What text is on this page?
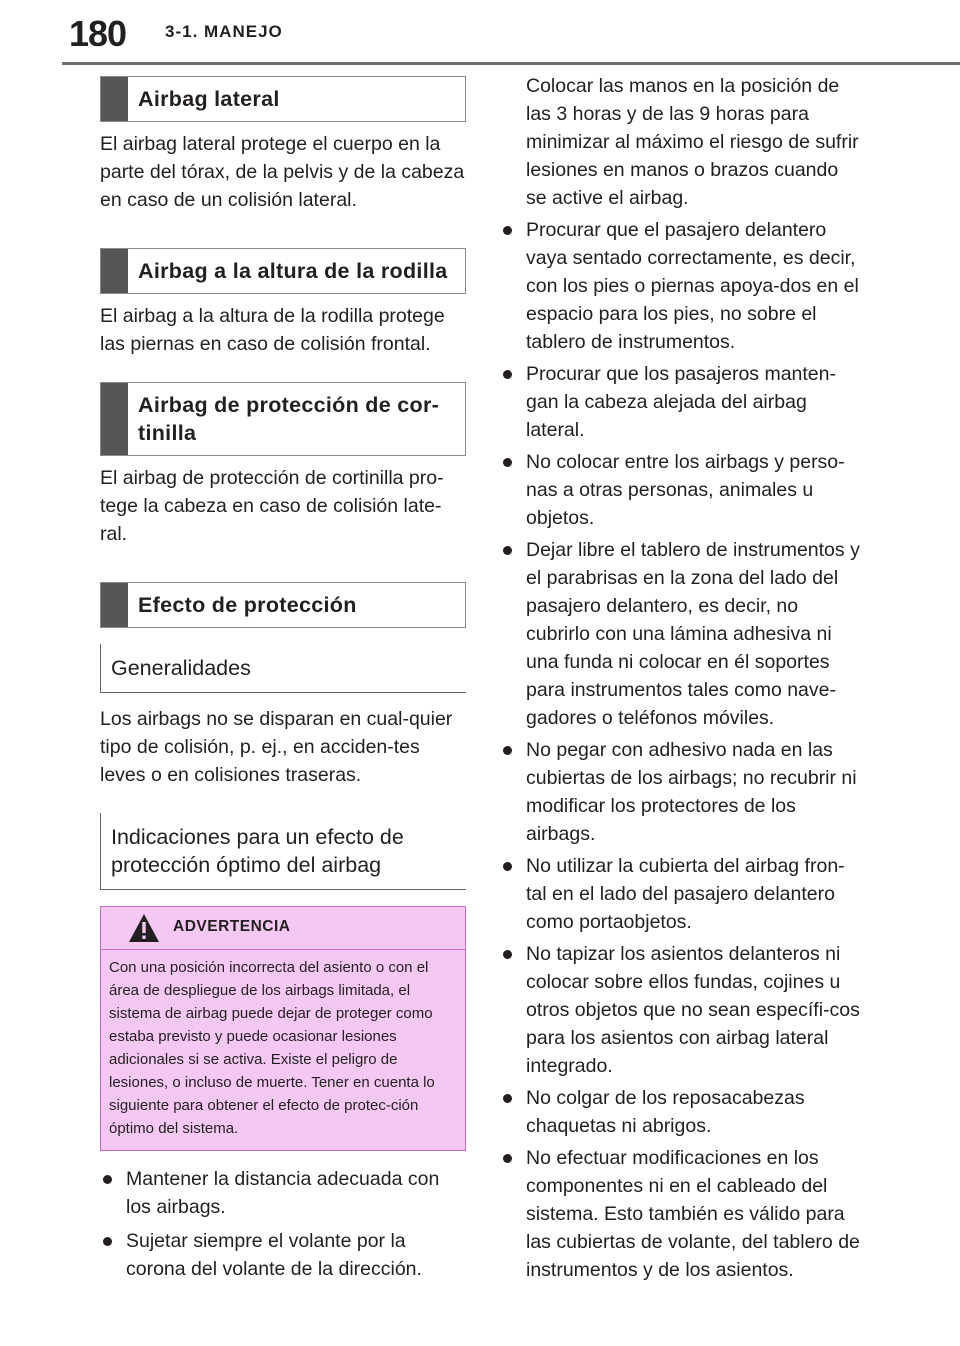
180 3-1. MANEJO
Airbag lateral

El airbag lateral protege el cuerpo en la parte del tórax, de la pelvis y de la cabeza en caso de un colisión lateral.

Airbag a la altura de la rodilla

El airbag a la altura de la rodilla protege las piernas en caso de colisión frontal.

Airbag de protección de cor-tinilla

El airbag de protección de cortinilla pro-tege la cabeza en caso de colisión late-ral.

Efecto de protección
Generalidades

Los airbags no se disparan en cual-quier tipo de colisión, p. ej., en acciden-tes leves o en colisiones traseras.

Indicaciones para un efecto de protección óptimo del airbag
ADVERTENCIA
Con una posición incorrecta del asiento o con el área de despliegue de los airbags limitada, el sistema de airbag puede dejar de proteger como estaba previsto y puede ocasionar lesiones adicionales si se activa. Existe el peligro de lesiones, o incluso de muerte. Tener en cuenta lo siguiente para obtener el efecto de protec-ción óptimo del sistema.
Mantener la distancia adecuada con los airbags.
Sujetar siempre el volante por la corona del volante de la dirección.

Colocar las manos en la posición de las 3 horas y de las 9 horas para minimizar al máximo el riesgo de sufrir lesiones en manos o brazos cuando se active el airbag.

Procurar que el pasajero delantero vaya sentado correctamente, es decir, con los pies o piernas apoya-dos en el espacio para los pies, no sobre el tablero de instrumentos.
Procurar que los pasajeros manten-gan la cabeza alejada del airbag lateral.
No colocar entre los airbags y perso-nas a otras personas, animales u objetos.
Dejar libre el tablero de instrumentos y el parabrisas en la zona del lado del pasajero delantero, es decir, no cubrirlo con una lámina adhesiva ni una funda ni colocar en él soportes para instrumentos tales como nave-gadores o teléfonos móviles.
No pegar con adhesivo nada en las cubiertas de los airbags; no recubrir ni modificar los protectores de los airbags.
No utilizar la cubierta del airbag fron-tal en el lado del pasajero delantero como portaobjetos.
No tapizar los asientos delanteros ni colocar sobre ellos fundas, cojines u otros objetos que no sean específi-cos para los asientos con airbag lateral integrado.
No colgar de los reposacabezas chaquetas ni abrigos.
No efectuar modificaciones en los componentes ni en el cableado del sistema. Esto también es válido para las cubiertas de volante, del tablero de instrumentos y de los asientos.
